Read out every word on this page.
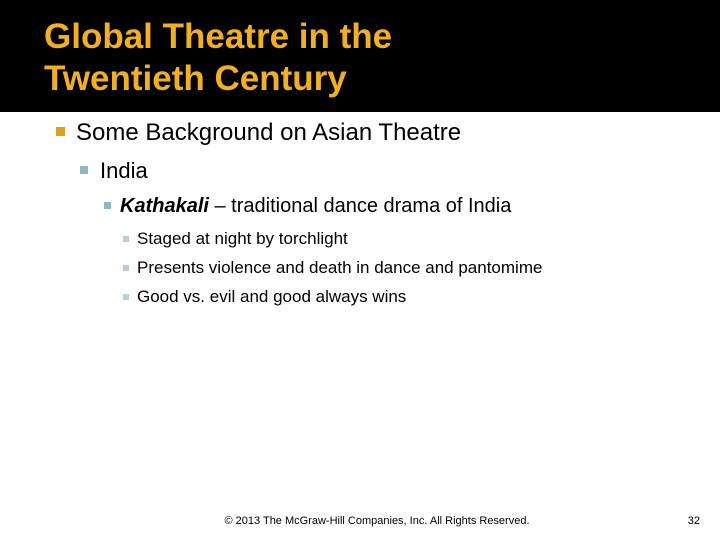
Global Theatre in the
Twentieth Century
Some Background on Asian Theatre
India
Kathakali – traditional dance drama of India
Staged at night by torchlight
Presents violence and death in dance and pantomime
Good vs. evil and good always wins
© 2013 The McGraw-Hill Companies, Inc. All Rights Reserved.	32
